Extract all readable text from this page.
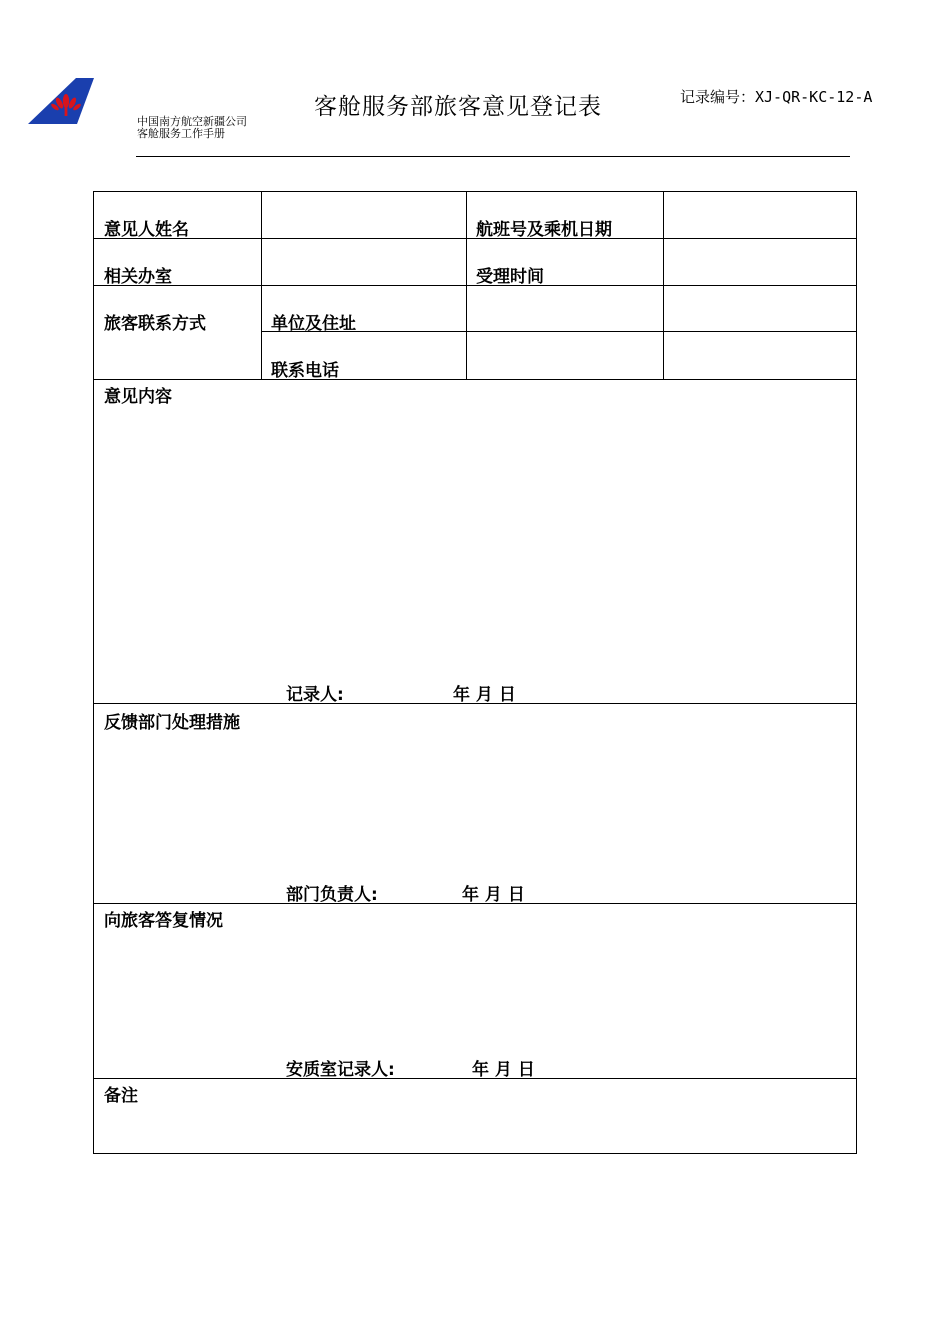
中国南方航空新疆公司
客舱服务工作手册
客舱服务部旅客意见登记表	记录编号：XJ-QR-KC-12-A
意见人姓名	航班号及乘机日期
相关办室	受理时间
旅客联系方式	单位及住址
联系电话
意见内容
记录人:	年 月 日
反馈部门处理措施
部门负责人:	年 月 日
向旅客答复情况
安质室记录人:	年 月 日
备注
